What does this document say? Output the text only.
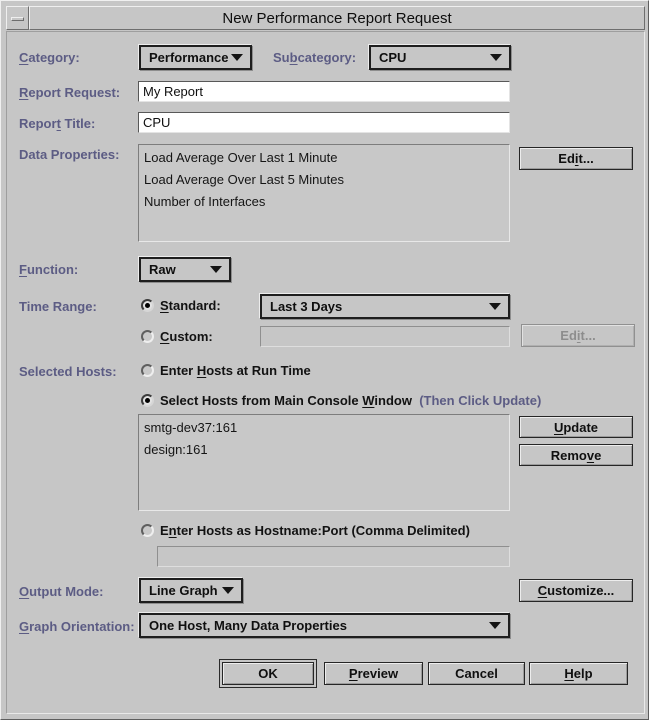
New Performance Report Request
Category:	Performance	Subcategory: CPU
Report Request: My Report
Report Title:	CPU
Data Properties: Load Average Over Last 1 Minute
Load Average Over Last 5 Minutes
Number of Interfaces
Edit...
Function:	Raw
Time Range:	Standard:	Last 3 Days
Custom:	Edit...
Selected Hosts:	Enter Hosts at Run Time
Select Hosts from Main Console Window (Then Click Update)
smtg-dev37:161
design:161
Update
Remove
Enter Hosts as Hostname:Port (Comma Delimited)
Output Mode:	Line Graph	Customize...
Graph Orientation: One Host, Many Data Properties
OK	Preview	Cancel	Help
